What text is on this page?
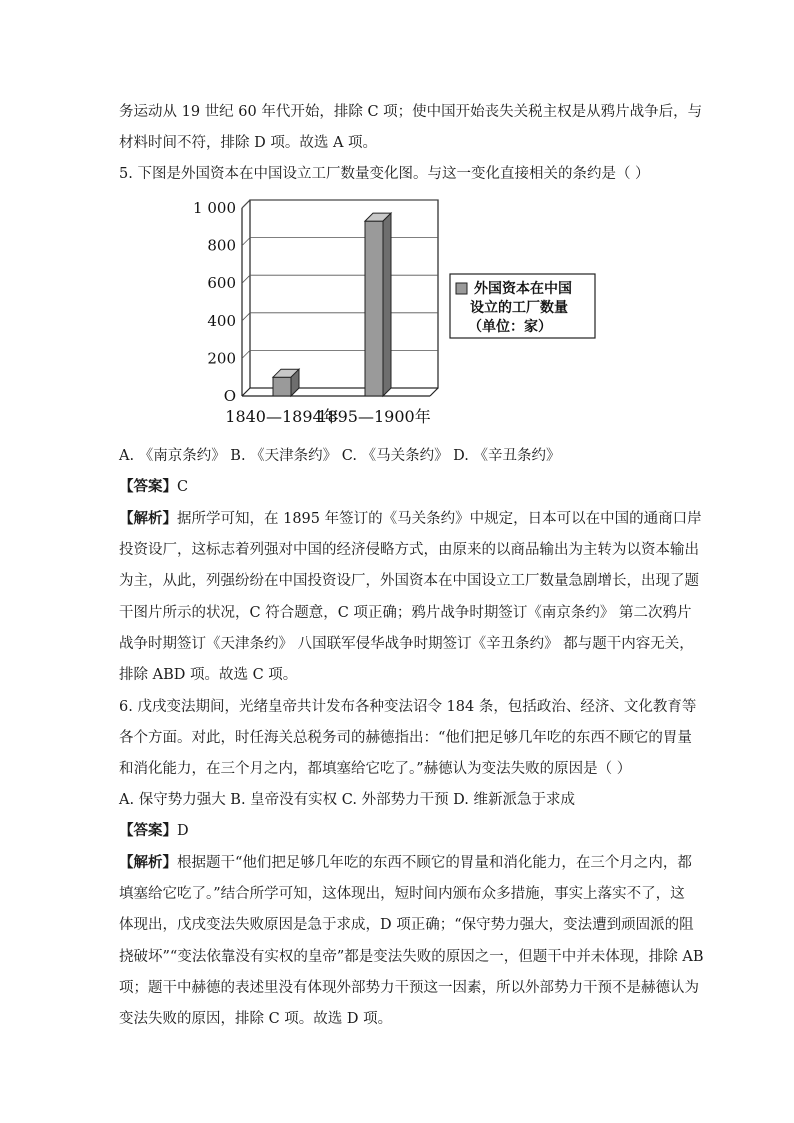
务运动从 19 世纪 60 年代开始，排除 C 项；使中国开始丧失关税主权是从鸦片战争后，与
材料时间不符，排除 D 项。故选 A 项。
5. 下图是外国资本在中国设立工厂数量变化图。与这一变化直接相关的条约是（ ）
O
200
400
600
800
1 000
1840—1894年
1895—1900年
外国资本在中国
设立的工厂数量
（单位：家）
A. 《南京条约》 B. 《天津条约》 C. 《马关条约》 D. 《辛丑条约》
【答案】C
【解析】据所学可知，在 1895 年签订的《马关条约》中规定，日本可以在中国的通商口岸
投资设厂，这标志着列强对中国的经济侵略方式，由原来的以商品输出为主转为以资本输出
为主，从此，列强纷纷在中国投资设厂，外国资本在中国设立工厂数量急剧增长，出现了题
干图片所示的状况，C 符合题意，C 项正确；鸦片战争时期签订《南京条约》 第二次鸦片
战争时期签订《天津条约》 八国联军侵华战争时期签订《辛丑条约》 都与题干内容无关，
排除 ABD 项。故选 C 项。
6. 戊戌变法期间，光绪皇帝共计发布各种变法诏令 184 条，包括政治、经济、文化教育等
各个方面。对此，时任海关总税务司的赫德指出：“他们把足够几年吃的东西不顾它的胃量
和消化能力，在三个月之内，都填塞给它吃了。”赫德认为变法失败的原因是（ ）
A. 保守势力强大 B. 皇帝没有实权 C. 外部势力干预 D. 维新派急于求成
【答案】D
【解析】根据题干“他们把足够几年吃的东西不顾它的胃量和消化能力，在三个月之内，都
填塞给它吃了。”结合所学可知，这体现出，短时间内颁布众多措施，事实上落实不了，这
体现出，戊戌变法失败原因是急于求成，D 项正确；“保守势力强大，变法遭到顽固派的阻
挠破坏”“变法依靠没有实权的皇帝”都是变法失败的原因之一，但题干中并未体现，排除 AB
项；题干中赫德的表述里没有体现外部势力干预这一因素，所以外部势力干预不是赫德认为
变法失败的原因，排除 C 项。故选 D 项。
